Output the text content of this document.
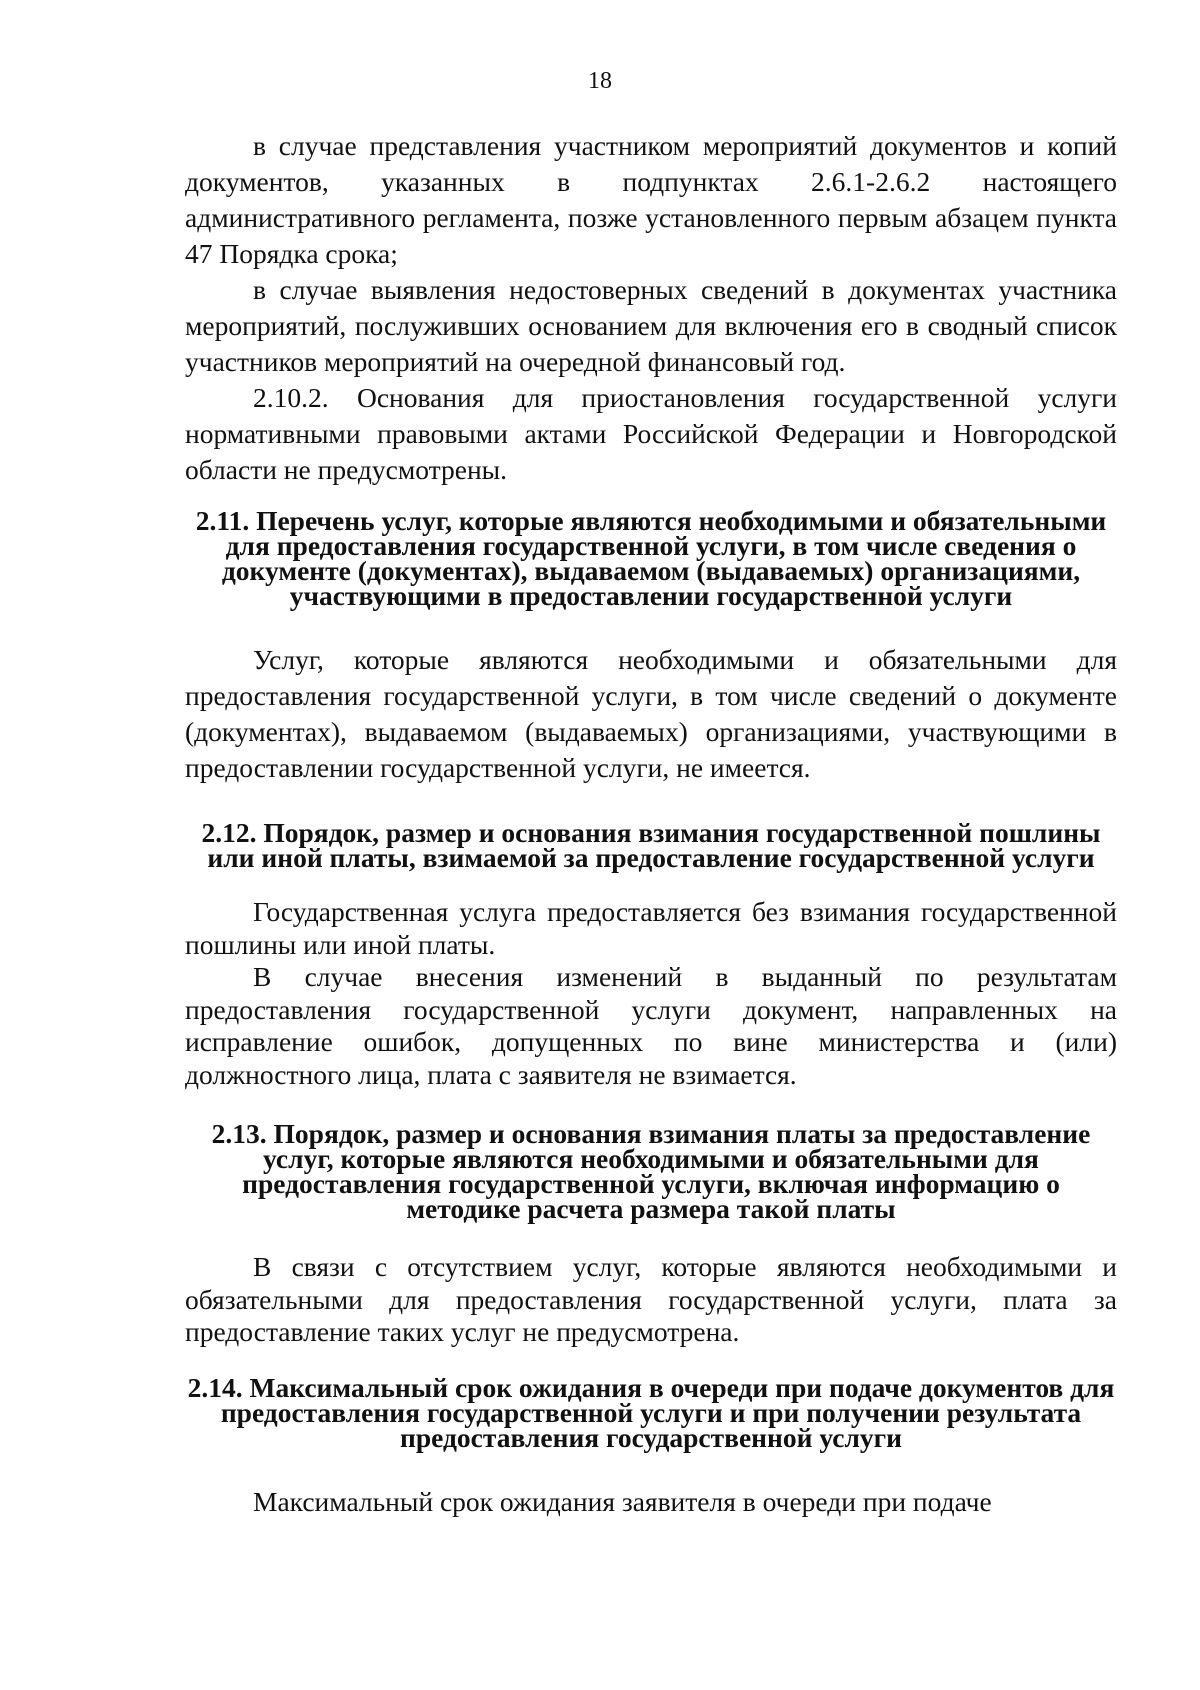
18

в случае представления участником мероприятий документов и копий документов, указанных в подпунктах 2.6.1-2.6.2 настоящего административного регламента, позже установленного первым абзацем пункта 47 Порядка срока;

в случае выявления недостоверных сведений в документах участника мероприятий, послуживших основанием для включения его в сводный список участников мероприятий на очередной финансовый год.

2.10.2. Основания для приостановления государственной услуги нормативными правовыми актами Российской Федерации и Новгородской области не предусмотрены.

2.11. Перечень услуг, которые являются необходимыми и обязательными для предоставления государственной услуги, в том числе сведения о документе (документах), выдаваемом (выдаваемых) организациями, участвующими в предоставлении государственной услуги

Услуг, которые являются необходимыми и обязательными для предоставления государственной услуги, в том числе сведений о документе (документах), выдаваемом (выдаваемых) организациями, участвующими в предоставлении государственной услуги, не имеется.

2.12. Порядок, размер и основания взимания государственной пошлины или иной платы, взимаемой за предоставление государственной услуги

Государственная услуга предоставляется без взимания государственной пошлины или иной платы.

В случае внесения изменений в выданный по результатам предоставления государственной услуги документ, направленных на исправление ошибок, допущенных по вине министерства и (или) должностного лица, плата с заявителя не взимается.

2.13. Порядок, размер и основания взимания платы за предоставление услуг, которые являются необходимыми и обязательными для предоставления государственной услуги, включая информацию о методике расчета размера такой платы

В связи с отсутствием услуг, которые являются необходимыми и обязательными для предоставления государственной услуги, плата за предоставление таких услуг не предусмотрена.

2.14. Максимальный срок ожидания в очереди при подаче документов для предоставления государственной услуги и при получении результата предоставления государственной услуги

Максимальный срок ожидания заявителя в очереди при подаче
